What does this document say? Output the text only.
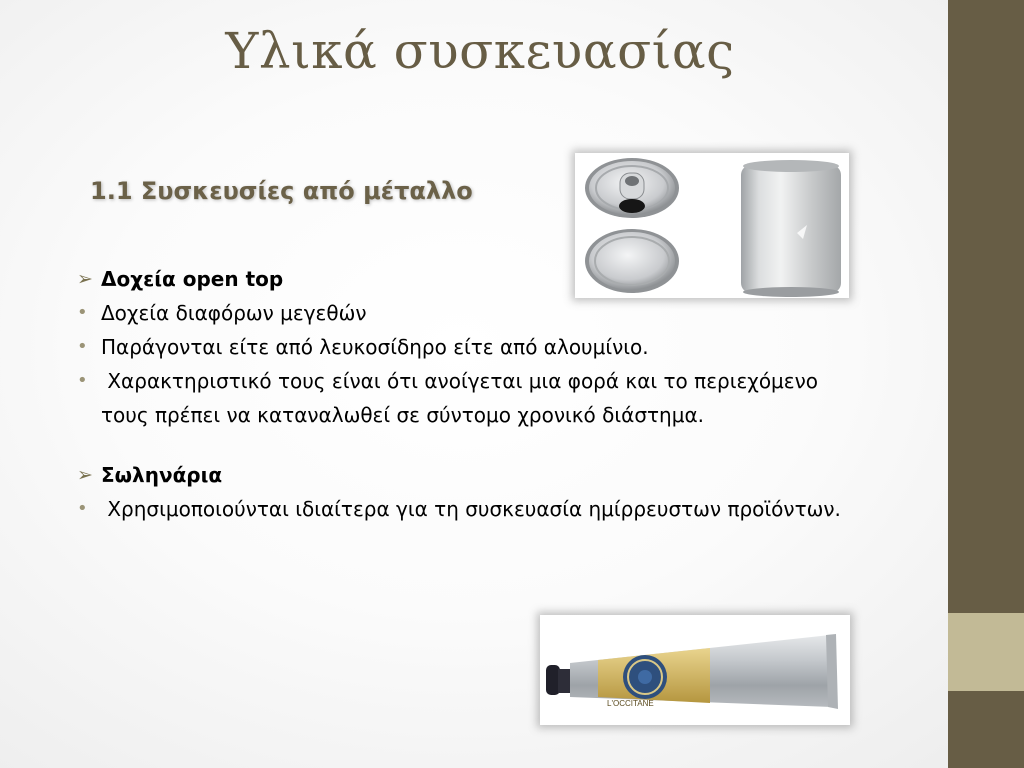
Υλικά συσκευασίας
1.1 Συσκευσίες από μέταλλο
➢ Δοχεία open top
• Δοχεία διαφόρων μεγεθών
• Παράγονται είτε από λευκοσίδηρο είτε από αλουμίνιο.
• Χαρακτηριστικό τους είναι ότι ανοίγεται μια φορά και το περιεχόμενο τους πρέπει να καταναλωθεί σε σύντομο χρονικό διάστημα.
➢ Σωληνάρια
• Χρησιμοποιούνται ιδιαίτερα για τη συσκευασία ημίρρευστων προϊόντων.
L'OCCITANE
